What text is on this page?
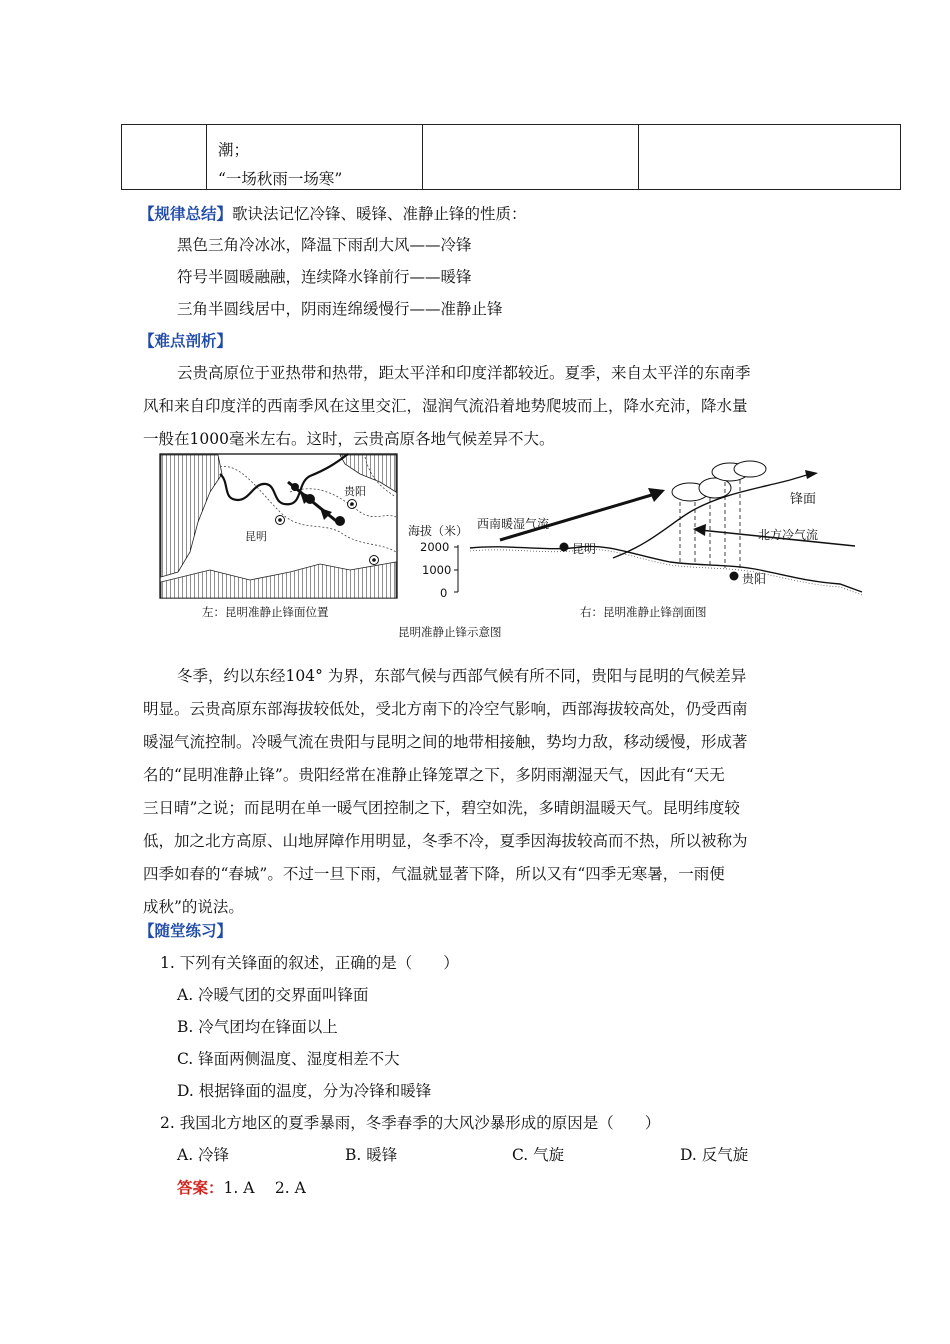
潮；
“一场秋雨一场寒”

【规律总结】歌诀法记忆冷锋、暖锋、准静止锋的性质：
黑色三角冷冰冰，降温下雨刮大风——冷锋
符号半圆暖融融，连续降水锋前行——暖锋
三角半圆线居中，阴雨连绵缓慢行——准静止锋
【难点剖析】
云贵高原位于亚热带和热带，距太平洋和印度洋都较近。夏季，来自太平洋的东南季
风和来自印度洋的西南季风在这里交汇，湿润气流沿着地势爬坡而上，降水充沛，降水量
一般在1000毫米左右。这时，云贵高原各地气候差异不大。
贵阳
昆明
锋面
西南暖湿气流
北方冷气流
海拔（米）
2000
1000
0
昆明
贵阳
左：昆明准静止锋面位置	右：昆明准静止锋剖面图
昆明准静止锋示意图
冬季，约以东经104° 为界，东部气候与西部气候有所不同，贵阳与昆明的气候差异
明显。云贵高原东部海拔较低处，受北方南下的冷空气影响，西部海拔较高处，仍受西南
暖湿气流控制。冷暖气流在贵阳与昆明之间的地带相接触，势均力敌，移动缓慢，形成著
名的“昆明准静止锋”。贵阳经常在准静止锋笼罩之下，多阴雨潮湿天气，因此有“天无
三日晴”之说；而昆明在单一暖气团控制之下，碧空如洗，多晴朗温暖天气。昆明纬度较
低，加之北方高原、山地屏障作用明显，冬季不冷，夏季因海拔较高而不热，所以被称为
四季如春的“春城”。不过一旦下雨，气温就显著下降，所以又有“四季无寒暑，一雨便
成秋”的说法。
【随堂练习】
1. 下列有关锋面的叙述，正确的是（　　）
A. 冷暖气团的交界面叫锋面
B. 冷气团均在锋面以上
C. 锋面两侧温度、湿度相差不大
D. 根据锋面的温度，分为冷锋和暖锋
2. 我国北方地区的夏季暴雨，冬季春季的大风沙暴形成的原因是（　　）
A. 冷锋	B. 暖锋	C. 气旋	D. 反气旋
答案：1. A　 2. A
